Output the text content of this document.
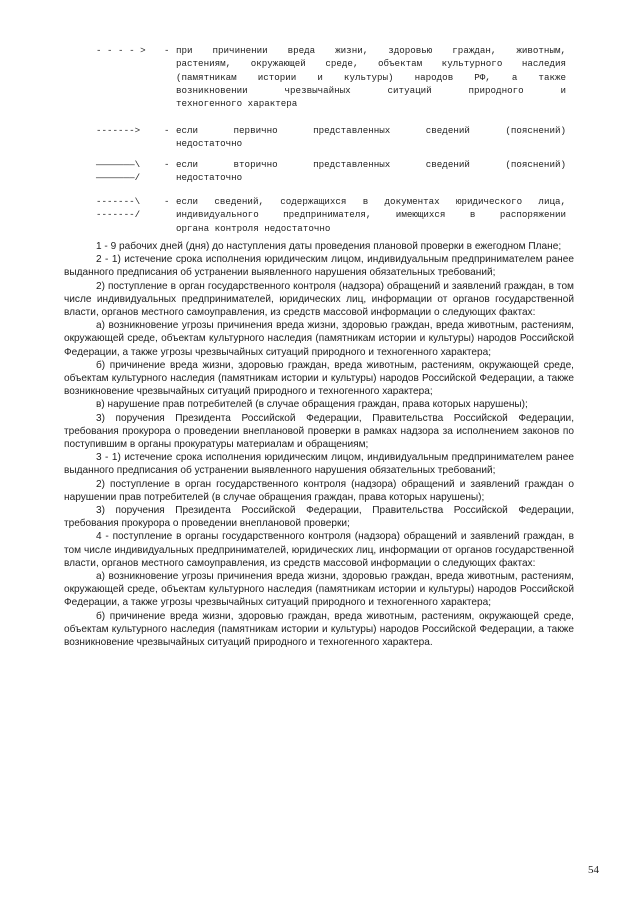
- - - - >	- при причинении вреда жизни, здоровью граждан, животным,
растениям, окружающей среде, объектам культурного наследия
(памятникам истории и культуры) народов РФ, а также
возникновении чрезвычайных ситуаций природного и
техногенного характера
------->	- если первично представленных сведений (пояснений)
недостаточно
———————\
———————/
- если вторично представленных сведений (пояснений)
недостаточно
-------\
-------/
- если сведений, содержащихся в документах юридического лица,
индивидуального предпринимателя, имеющихся в распоряжении
органа контроля недостаточно

1 - 9 рабочих дней (дня) до наступления даты проведения плановой проверки в ежегодном Плане;

2 - 1) истечение срока исполнения юридическим лицом, индивидуальным предпринимателем ранее выданного предписания об устранении выявленного нарушения обязательных требований;

2) поступление в орган государственного контроля (надзора) обращений и заявлений граждан, в том числе индивидуальных предпринимателей, юридических лиц, информации от органов государственной власти, органов местного самоуправления, из средств массовой информации о следующих фактах:

а) возникновение угрозы причинения вреда жизни, здоровью граждан, вреда животным, растениям, окружающей среде, объектам культурного наследия (памятникам истории и культуры) народов Российской Федерации, а также угрозы чрезвычайных ситуаций природного и техногенного характера;

б) причинение вреда жизни, здоровью граждан, вреда животным, растениям, окружающей среде, объектам культурного наследия (памятникам истории и культуры) народов Российской Федерации, а также возникновение чрезвычайных ситуаций природного и техногенного характера;

в) нарушение прав потребителей (в случае обращения граждан, права которых нарушены);

3) поручения Президента Российской Федерации, Правительства Российской Федерации, требования прокурора о проведении внеплановой проверки в рамках надзора за исполнением законов по поступившим в органы прокуратуры материалам и обращениям;

3 - 1) истечение срока исполнения юридическим лицом, индивидуальным предпринимателем ранее выданного предписания об устранении выявленного нарушения обязательных требований;

2) поступление в орган государственного контроля (надзора) обращений и заявлений граждан о нарушении прав потребителей (в случае обращения граждан, права которых нарушены);

3) поручения Президента Российской Федерации, Правительства Российской Федерации, требования прокурора о проведении внеплановой проверки;

4 - поступление в органы государственного контроля (надзора) обращений и заявлений граждан, в том числе индивидуальных предпринимателей, юридических лиц, информации от органов государственной власти, органов местного самоуправления, из средств массовой информации о следующих фактах:

а) возникновение угрозы причинения вреда жизни, здоровью граждан, вреда животным, растениям, окружающей среде, объектам культурного наследия (памятникам истории и культуры) народов Российской Федерации, а также угрозы чрезвычайных ситуаций природного и техногенного характера;

б) причинение вреда жизни, здоровью граждан, вреда животным, растениям, окружающей среде, объектам культурного наследия (памятникам истории и культуры) народов Российской Федерации, а также возникновение чрезвычайных ситуаций природного и техногенного характера.

54
